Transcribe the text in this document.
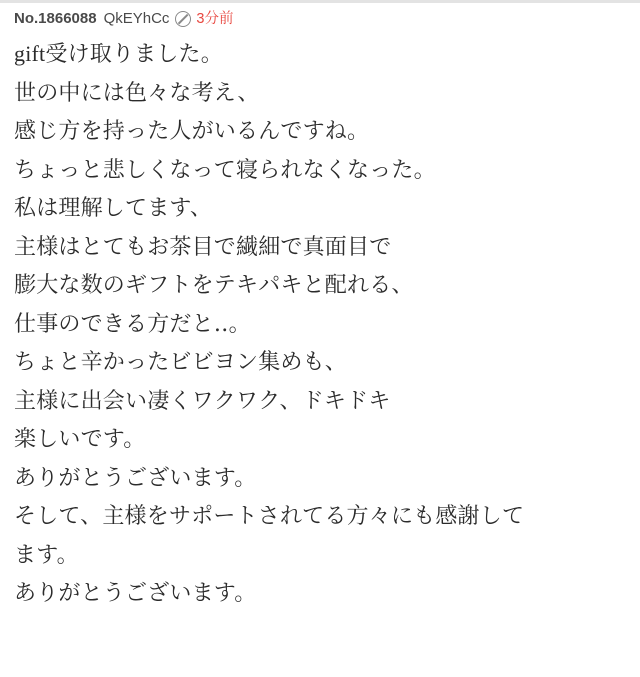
No.1866088 QkEYhCc 3分前
gift受け取りました。
世の中には色々な考え、
感じ方を持った人がいるんですね。
ちょっと悲しくなって寝られなくなった。
私は理解してます、
主様はとてもお茶目で繊細で真面目で
膨大な数のギフトをテキパキと配れる、
仕事のできる方だと‥。
ちょと辛かったビビヨン集めも、
主様に出会い凄くワクワク、ドキドキ
楽しいです。
ありがとうございます。
そして、主様をサポートされてる方々にも感謝して
ます。
ありがとうございます。
